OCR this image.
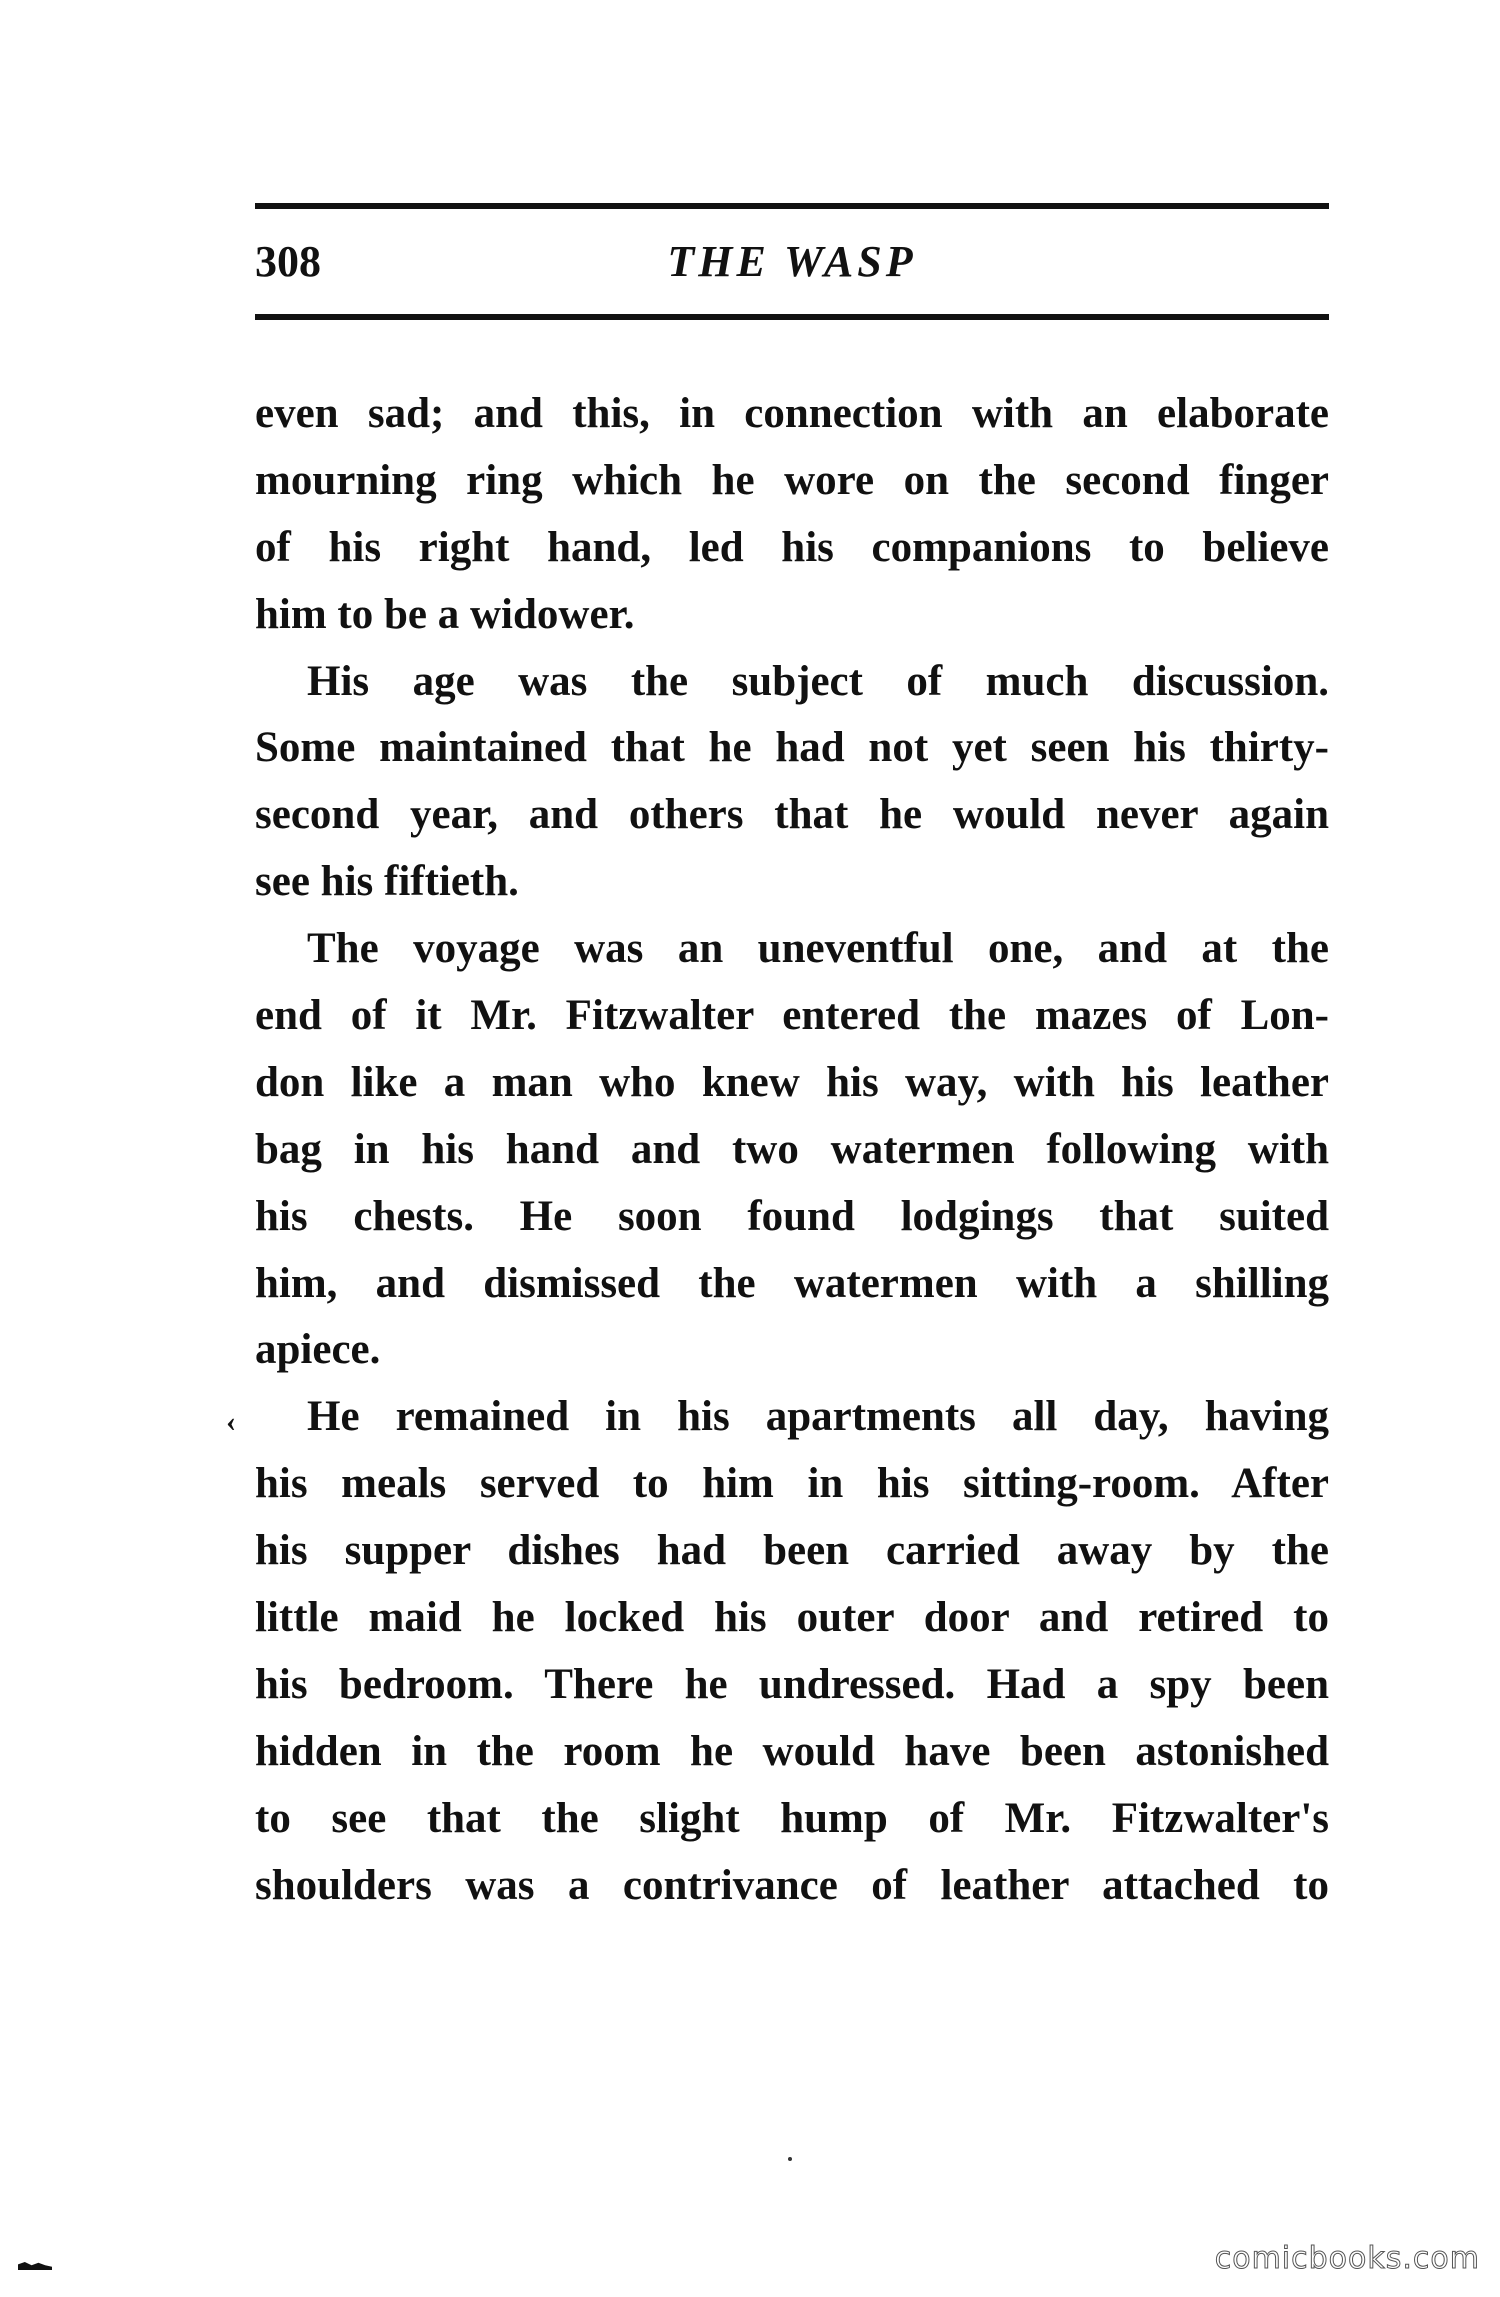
308	THE WASP
even sad; and this, in connection with an elaborate
mourning ring which he wore on the second finger
of his right hand, led his companions to believe
him to be a widower.
His age was the subject of much discussion.
Some maintained that he had not yet seen his thirty-
second year, and others that he would never again
see his fiftieth.
The voyage was an uneventful one, and at the
end of it Mr. Fitzwalter entered the mazes of Lon-
don like a man who knew his way, with his leather
bag in his hand and two watermen following with
his chests. He soon found lodgings that suited
him, and dismissed the watermen with a shilling
apiece.
He remained in his apartments all day, having
his meals served to him in his sitting-room. After
his supper dishes had been carried away by the
little maid he locked his outer door and retired to
his bedroom. There he undressed. Had a spy been
hidden in the room he would have been astonished
to see that the slight hump of Mr. Fitzwalter's
shoulders was a contrivance of leather attached to
‹
comicbooks.com
